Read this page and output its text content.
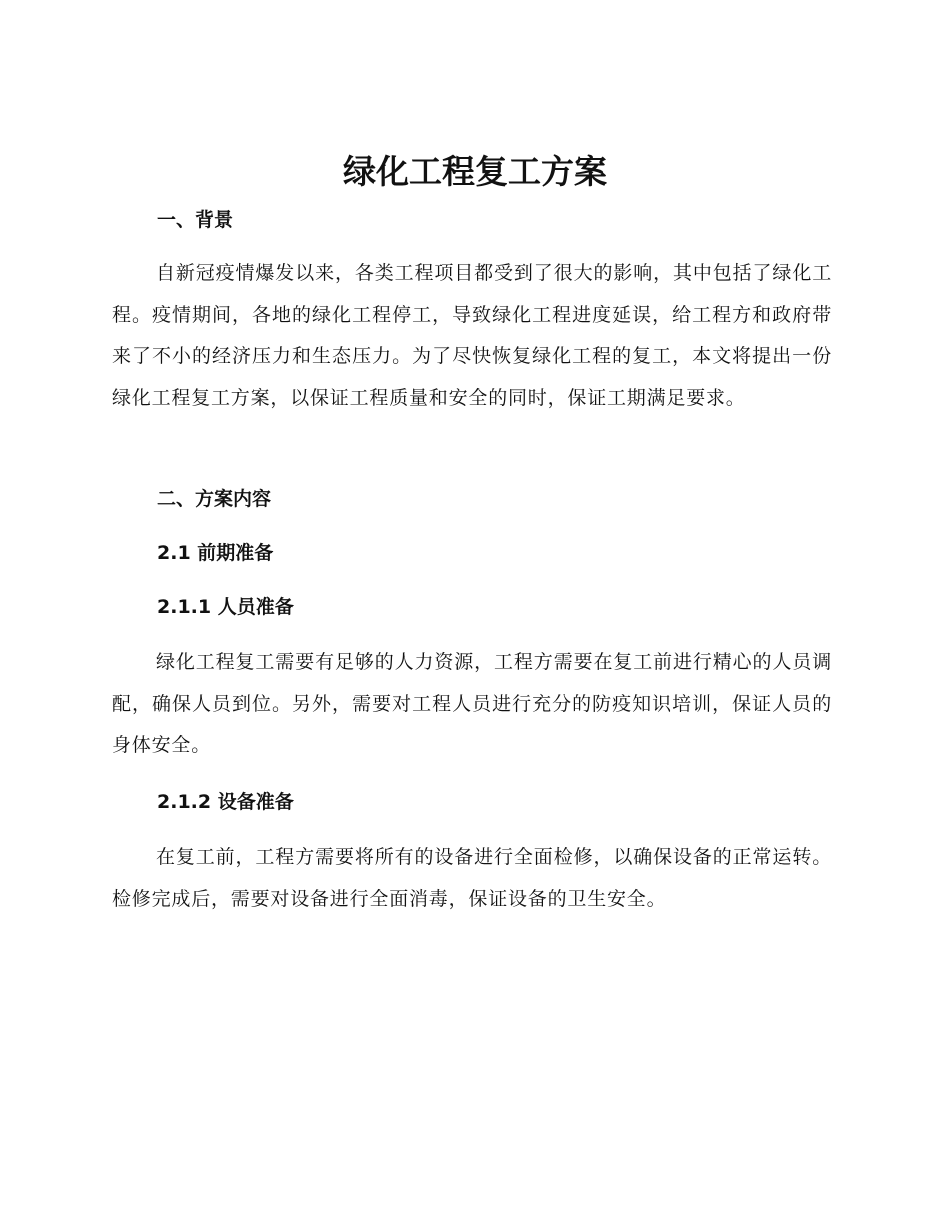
绿化工程复工方案
一、背景

自新冠疫情爆发以来，各类工程项目都受到了很大的影响，其中包括了绿化工程。疫情期间，各地的绿化工程停工，导致绿化工程进度延误，给工程方和政府带来了不小的经济压力和生态压力。为了尽快恢复绿化工程的复工，本文将提出一份绿化工程复工方案，以保证工程质量和安全的同时，保证工期满足要求。

二、方案内容
2.1 前期准备
2.1.1 人员准备

绿化工程复工需要有足够的人力资源，工程方需要在复工前进行精心的人员调配，确保人员到位。另外，需要对工程人员进行充分的防疫知识培训，保证人员的身体安全。

2.1.2 设备准备

在复工前，工程方需要将所有的设备进行全面检修，以确保设备的正常运转。检修完成后，需要对设备进行全面消毒，保证设备的卫生安全。
